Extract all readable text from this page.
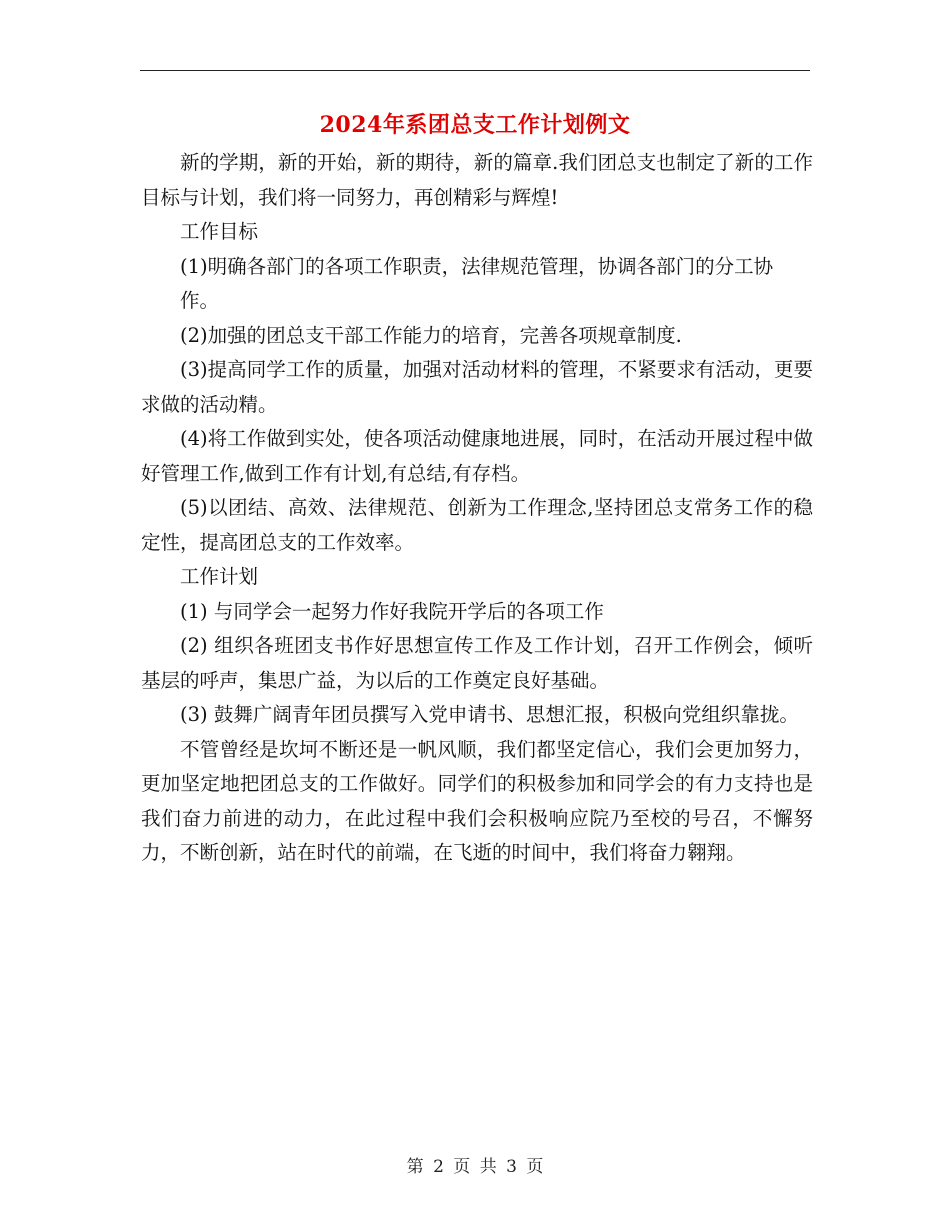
2024年系团总支工作计划例文

新的学期，新的开始，新的期待，新的篇章.我们团总支也制定了新的工作目标与计划，我们将一同努力，再创精彩与辉煌!

工作目标

(1)明确各部门的各项工作职责，法律规范管理，协调各部门的分工协

作。

(2)加强的团总支干部工作能力的培育，完善各项规章制度.

(3)提高同学工作的质量，加强对活动材料的管理，不紧要求有活动，更要求做的活动精。

(4)将工作做到实处，使各项活动健康地进展，同时，在活动开展过程中做好管理工作,做到工作有计划,有总结,有存档。

(5)以团结、高效、法律规范、创新为工作理念,坚持团总支常务工作的稳定性，提高团总支的工作效率。

工作计划

(1) 与同学会一起努力作好我院开学后的各项工作

(2) 组织各班团支书作好思想宣传工作及工作计划，召开工作例会，倾听基层的呼声，集思广益，为以后的工作奠定良好基础。

(3) 鼓舞广阔青年团员撰写入党申请书、思想汇报，积极向党组织靠拢。

不管曾经是坎坷不断还是一帆风顺，我们都坚定信心，我们会更加努力，更加坚定地把团总支的工作做好。同学们的积极参加和同学会的有力支持也是我们奋力前进的动力，在此过程中我们会积极响应院乃至校的号召，不懈努力，不断创新，站在时代的前端，在飞逝的时间中，我们将奋力翱翔。

第 2 页 共 3 页
